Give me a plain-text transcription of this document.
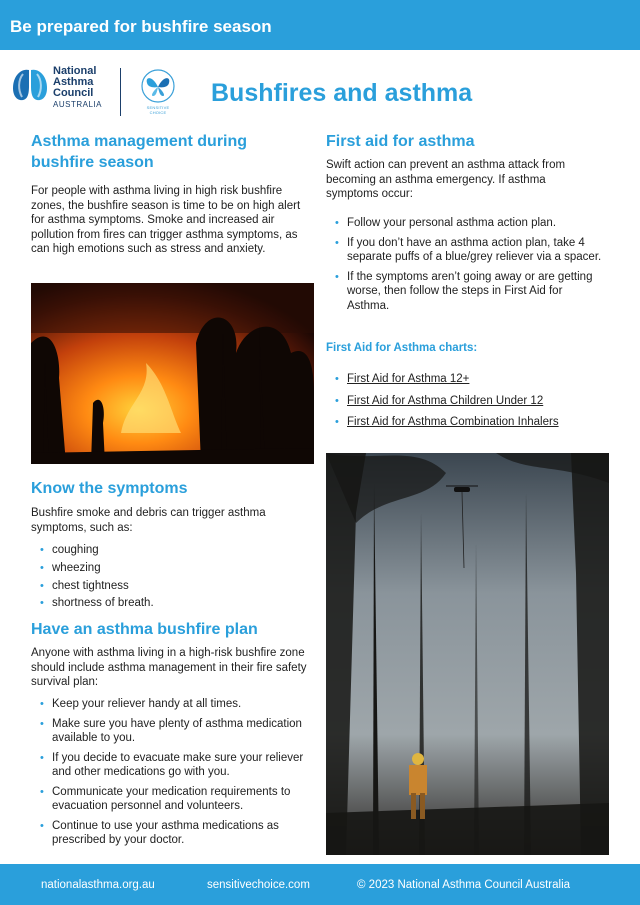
Be prepared for bushfire season
National
Asthma
Council
AUSTRALIA	SENSITIVE
CHOICE
Bushfires and asthma
Asthma management during bushfire season

For people with asthma living in high risk bushfire zones, the bushfire season is time to be on high alert for asthma symptoms. Smoke and increased air pollution from fires can trigger asthma symptoms, as can high emotions such as stress and anxiety.

Know the symptoms

Bushfire smoke and debris can trigger asthma symptoms, such as:

• coughing
• wheezing
• chest tightness
• shortness of breath.
Have an asthma bushfire plan

Anyone with asthma living in a high-risk bushfire zone should include asthma management in their fire safety survival plan:

• Keep your reliever handy at all times.
• Make sure you have plenty of asthma medication available to you.
• If you decide to evacuate make sure your reliever and other medications go with you.
• Communicate your medication requirements to evacuation personnel and volunteers.
• Continue to use your asthma medications as prescribed by your doctor.
First aid for asthma

Swift action can prevent an asthma attack from becoming an asthma emergency. If asthma symptoms occur:

• Follow your personal asthma action plan.
• If you don’t have an asthma action plan, take 4 separate puffs of a blue/grey reliever via a spacer.
• If the symptoms aren’t going away or are getting worse, then follow the steps in First Aid for Asthma.
First Aid for Asthma charts:
• First Aid for Asthma 12+
• First Aid for Asthma Children Under 12
• First Aid for Asthma Combination Inhalers
nationalasthma.org.au	sensitivechoice.com	© 2023 National Asthma Council Australia
